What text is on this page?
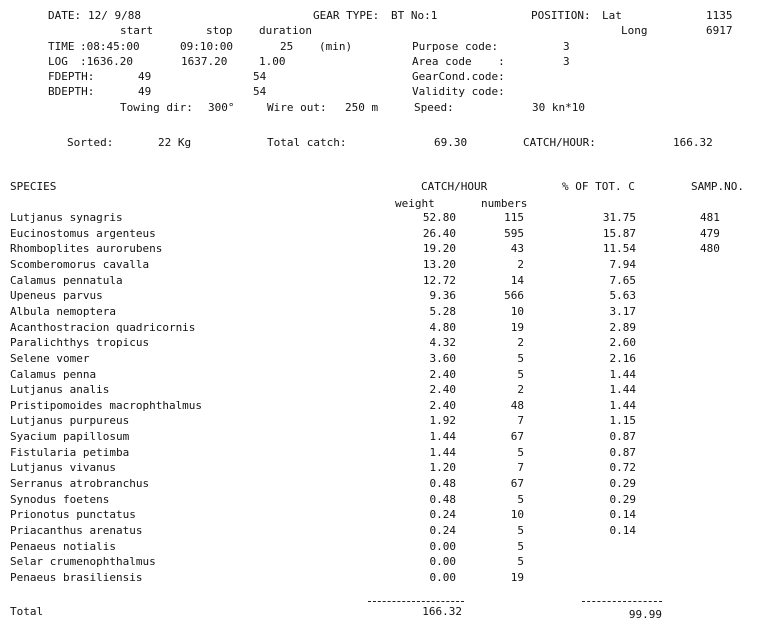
DATE: 12/ 9/88	GEAR TYPE: BT No:1	POSITION: Lat	1135
start	stop duration	Long	6917
TIME :08:45:00	09:10:00	25 (min)	Purpose code:	3
LOG :1636.20	1637.20	1.00	Area code    :	3
FDEPTH:	49	54	GearCond.code:
BDEPTH:	49	54	Validity code:
Towing dir: 300°	Wire out: 250 m	Speed:	30 kn*10
Sorted:	22 Kg	Total catch:	69.30	CATCH/HOUR:	166.32
SPECIES	CATCH/HOUR	% OF TOT. C	SAMP.NO.
weight	numbers
Lutjanus synagris	52.80	115	31.75	481
Eucinostomus argenteus	26.40	595	15.87	479
Rhomboplites aurorubens	19.20	43	11.54	480
Scomberomorus cavalla	13.20	2	7.94
Calamus pennatula	12.72	14	7.65
Upeneus parvus	9.36	566	5.63
Albula nemoptera	5.28	10	3.17
Acanthostracion quadricornis	4.80	19	2.89
Paralichthys tropicus	4.32	2	2.60
Selene vomer	3.60	5	2.16
Calamus penna	2.40	5	1.44
Lutjanus analis	2.40	2	1.44
Pristipomoides macrophthalmus	2.40	48	1.44
Lutjanus purpureus	1.92	7	1.15
Syacium papillosum	1.44	67	0.87
Fistularia petimba	1.44	5	0.87
Lutjanus vivanus	1.20	7	0.72
Serranus atrobranchus	0.48	67	0.29
Synodus foetens	0.48	5	0.29
Prionotus punctatus	0.24	10	0.14
Priacanthus arenatus	0.24	5	0.14
Penaeus notialis	0.00	5
Selar crumenophthalmus	0.00	5
Penaeus brasiliensis	0.00	19
Total	166.32	99.99
